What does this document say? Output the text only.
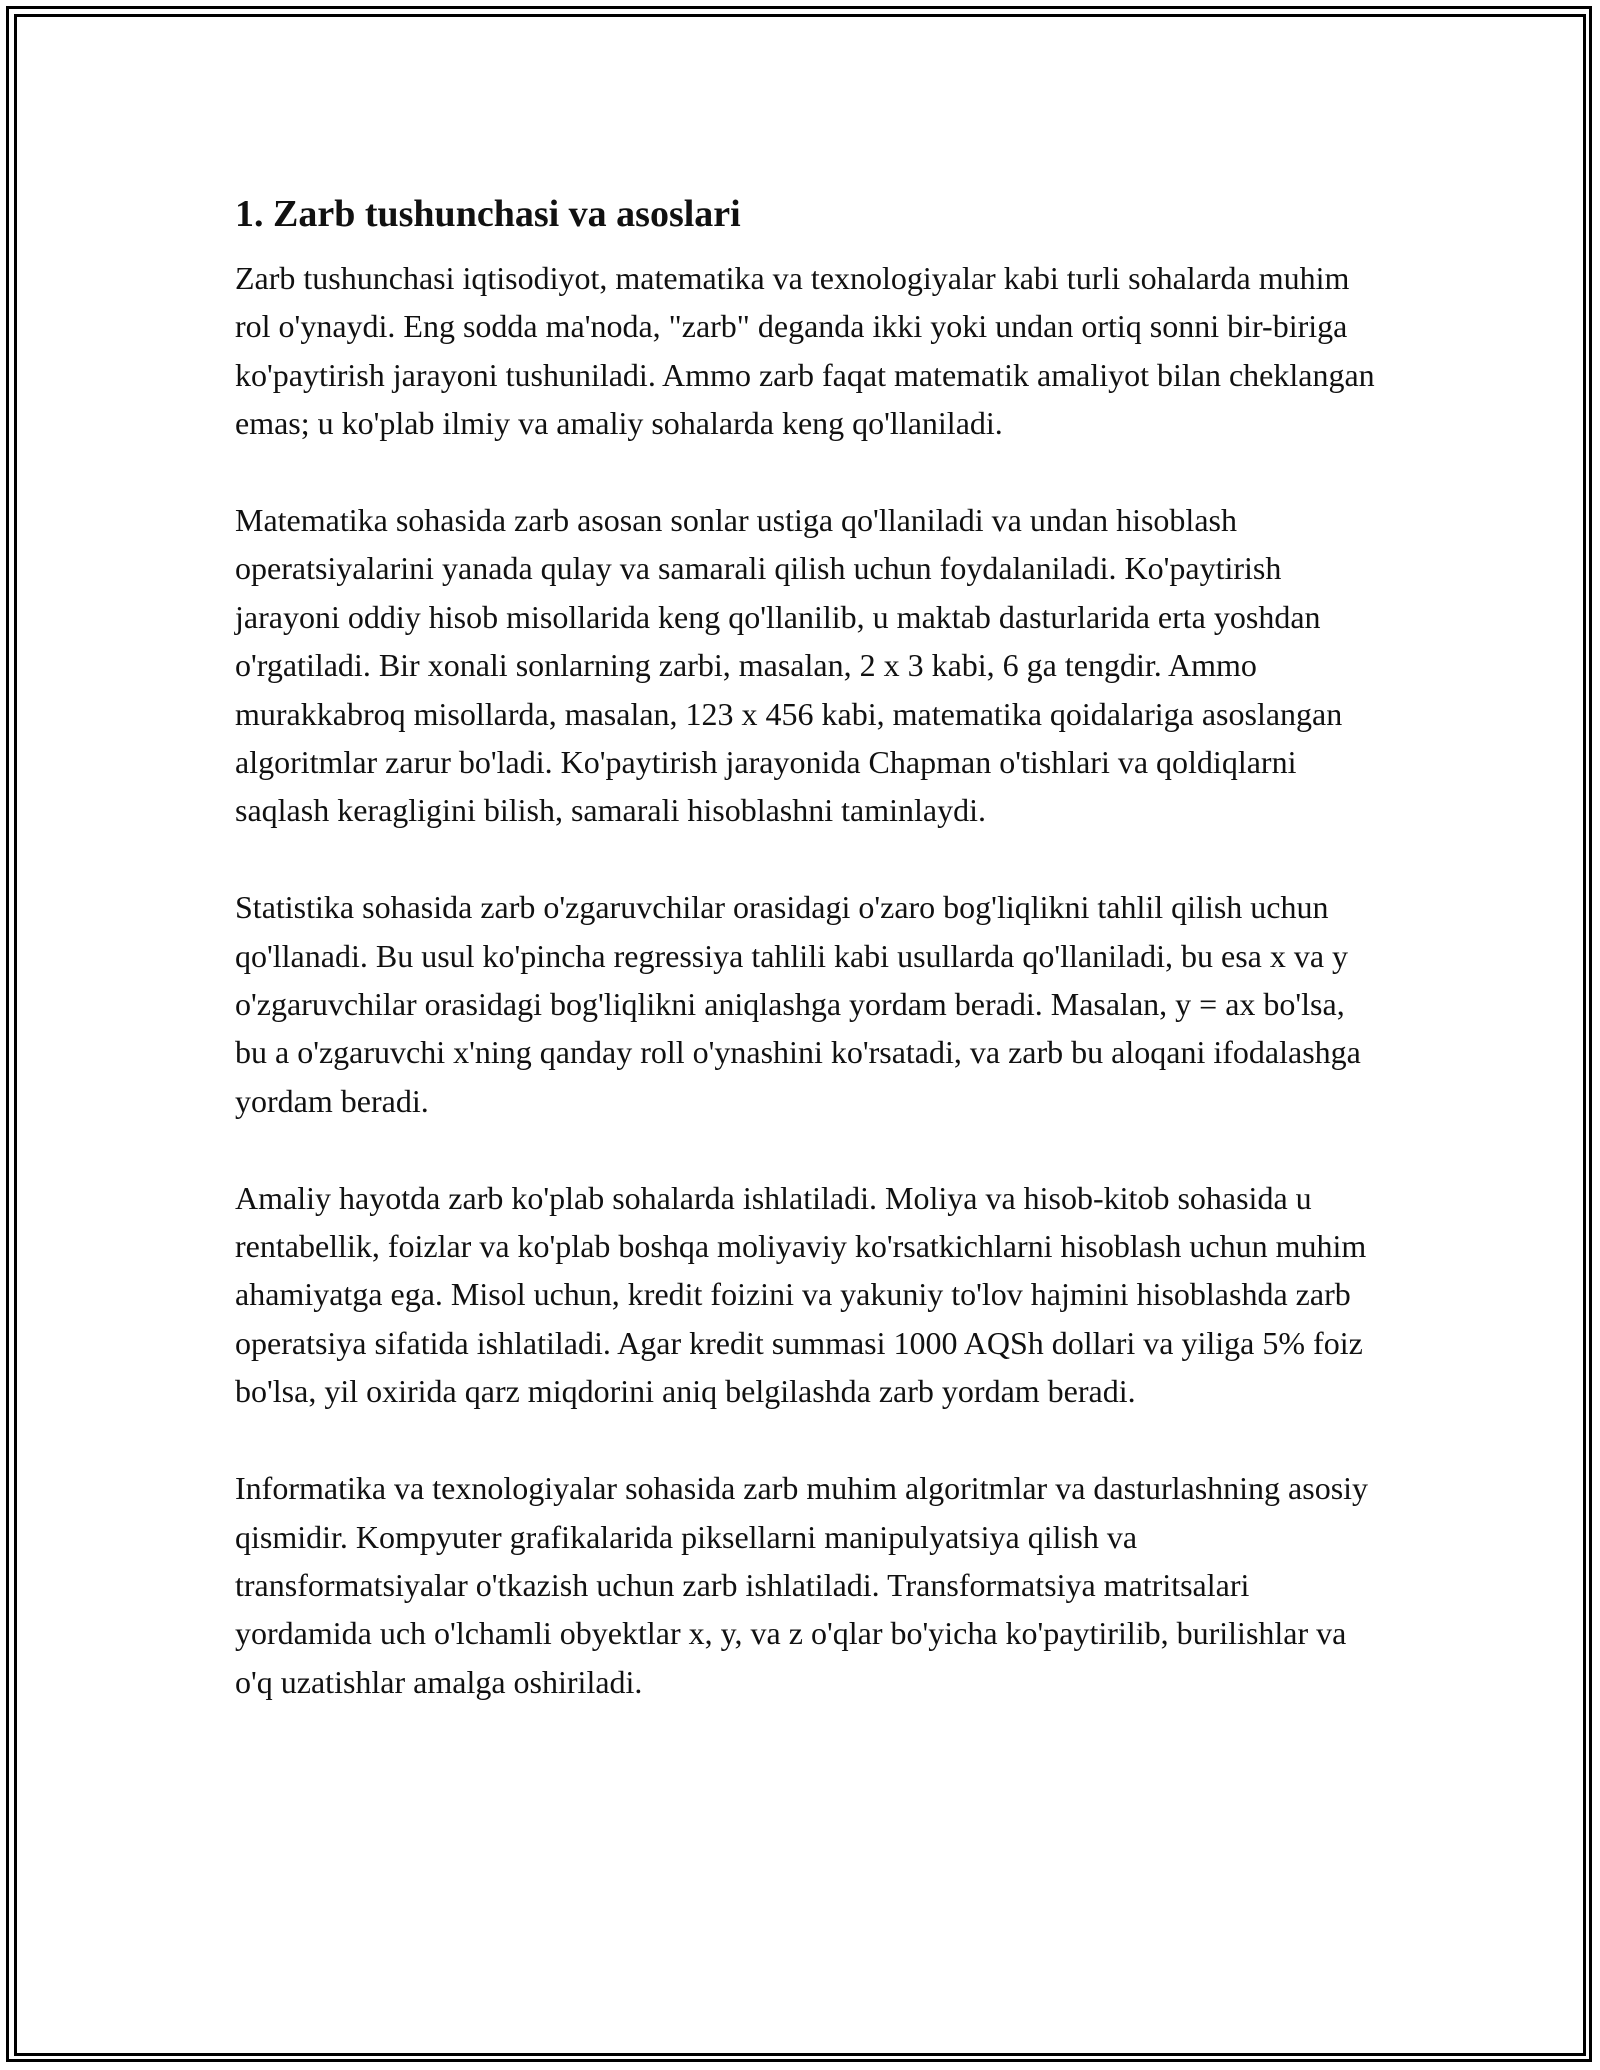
1. Zarb tushunchasi va asoslari

Zarb tushunchasi iqtisodiyot, matematika va texnologiyalar kabi turli sohalarda muhim rol o'ynaydi. Eng sodda ma'noda, "zarb" deganda ikki yoki undan ortiq sonni bir-biriga ko'paytirish jarayoni tushuniladi. Ammo zarb faqat matematik amaliyot bilan cheklangan emas; u ko'plab ilmiy va amaliy sohalarda keng qo'llaniladi.

Matematika sohasida zarb asosan sonlar ustiga qo'llaniladi va undan hisoblash operatsiyalarini yanada qulay va samarali qilish uchun foydalaniladi. Ko'paytirish jarayoni oddiy hisob misollarida keng qo'llanilib, u maktab dasturlarida erta yoshdan o'rgatiladi. Bir xonali sonlarning zarbi, masalan, 2 x 3 kabi, 6 ga tengdir. Ammo murakkabroq misollarda, masalan, 123 x 456 kabi, matematika qoidalariga asoslangan algoritmlar zarur bo'ladi. Ko'paytirish jarayonida Chapman o'tishlari va qoldiqlarni saqlash keragligini bilish, samarali hisoblashni taminlaydi.

Statistika sohasida zarb o'zgaruvchilar orasidagi o'zaro bog'liqlikni tahlil qilish uchun qo'llanadi. Bu usul ko'pincha regressiya tahlili kabi usullarda qo'llaniladi, bu esa x va y o'zgaruvchilar orasidagi bog'liqlikni aniqlashga yordam beradi. Masalan, y = ax bo'lsa, bu a o'zgaruvchi x'ning qanday roll o'ynashini ko'rsatadi, va zarb bu aloqani ifodalashga yordam beradi.

Amaliy hayotda zarb ko'plab sohalarda ishlatiladi. Moliya va hisob-kitob sohasida u rentabellik, foizlar va ko'plab boshqa moliyaviy ko'rsatkichlarni hisoblash uchun muhim ahamiyatga ega. Misol uchun, kredit foizini va yakuniy to'lov hajmini hisoblashda zarb operatsiya sifatida ishlatiladi. Agar kredit summasi 1000 AQSh dollari va yiliga 5% foiz bo'lsa, yil oxirida qarz miqdorini aniq belgilashda zarb yordam beradi.

Informatika va texnologiyalar sohasida zarb muhim algoritmlar va dasturlashning asosiy qismidir. Kompyuter grafikalarida piksellarni manipulyatsiya qilish va transformatsiyalar o'tkazish uchun zarb ishlatiladi. Transformatsiya matritsalari yordamida uch o'lchamli obyektlar x, y, va z o'qlar bo'yicha ko'paytirilib, burilishlar va o'q uzatishlar amalga oshiriladi.
